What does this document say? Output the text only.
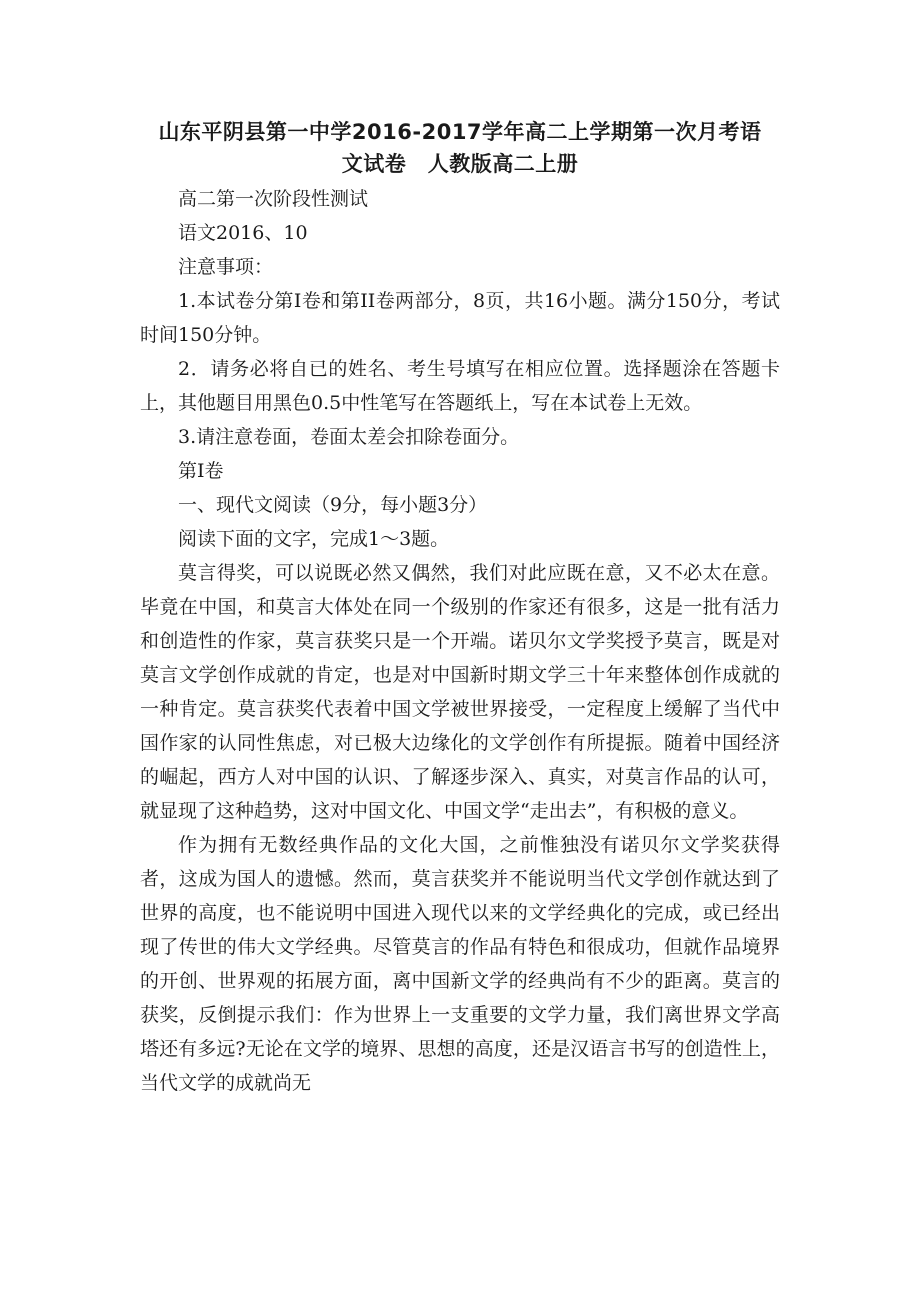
山东平阴县第一中学2016-2017学年高二上学期第一次月考语
文试卷　人教版高二上册

高二第一次阶段性测试

语文2016、10

注意事项：

1.本试卷分第Ⅰ卷和第II卷两部分，8页，共16小题。满分150分，考试时间150分钟。

2．请务必将自已的姓名、考生号填写在相应位置。选择题涂在答题卡上，其他题目用黑色0.5中性笔写在答题纸上，写在本试卷上无效。

3.请注意卷面，卷面太差会扣除卷面分。

第Ⅰ卷

一、现代文阅读（9分，每小题3分）

阅读下面的文字，完成1～3题。

莫言得奖，可以说既必然又偶然，我们对此应既在意，又不必太在意。毕竟在中国，和莫言大体处在同一个级别的作家还有很多，这是一批有活力和创造性的作家，莫言获奖只是一个开端。诺贝尔文学奖授予莫言，既是对莫言文学创作成就的肯定，也是对中国新时期文学三十年来整体创作成就的一种肯定。莫言获奖代表着中国文学被世界接受，一定程度上缓解了当代中国作家的认同性焦虑，对已极大边缘化的文学创作有所提振。随着中国经济的崛起，西方人对中国的认识、了解逐步深入、真实，对莫言作品的认可，就显现了这种趋势，这对中国文化、中国文学“走出去”，有积极的意义。

作为拥有无数经典作品的文化大国，之前惟独没有诺贝尔文学奖获得者，这成为国人的遗憾。然而，莫言获奖并不能说明当代文学创作就达到了世界的高度，也不能说明中国进入现代以来的文学经典化的完成，或已经出现了传世的伟大文学经典。尽管莫言的作品有特色和很成功，但就作品境界的开创、世界观的拓展方面，离中国新文学的经典尚有不少的距离。莫言的获奖，反倒提示我们：作为世界上一支重要的文学力量，我们离世界文学高塔还有多远?无论在文学的境界、思想的高度，还是汉语言书写的创造性上，当代文学的成就尚无
